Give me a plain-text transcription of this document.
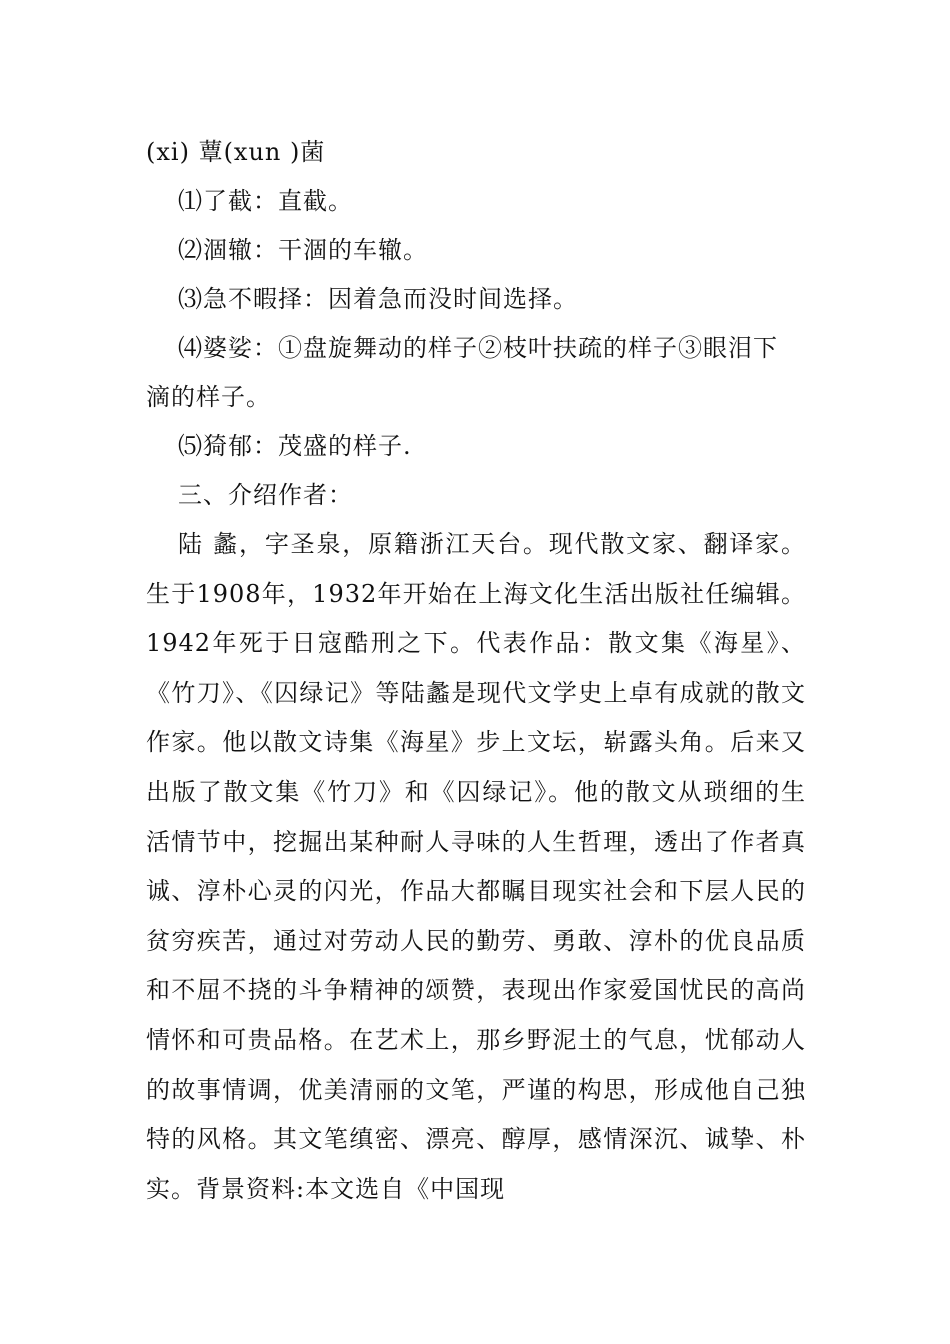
(xi) 蕈(xun )菌
⑴了截：直截。
⑵涸辙：干涸的车辙。
⑶急不暇择：因着急而没时间选择。
⑷婆娑：①盘旋舞动的样子②枝叶扶疏的样子③眼泪下
滴的样子。
⑸猗郁：茂盛的样子.
三、介绍作者：

陆 蠡，字圣泉，原籍浙江天台。现代散文家、翻译家。生于1908年，1932年开始在上海文化生活出版社任编辑。1942年死于日寇酷刑之下。代表作品：散文集《海星》、《竹刀》、《囚绿记》等陆蠡是现代文学史上卓有成就的散文作家。他以散文诗集《海星》步上文坛，崭露头角。后来又出版了散文集《竹刀》和《囚绿记》。他的散文从琐细的生活情节中，挖掘出某种耐人寻味的人生哲理，透出了作者真诚、淳朴心灵的闪光，作品大都瞩目现实社会和下层人民的贫穷疾苦，通过对劳动人民的勤劳、勇敢、淳朴的优良品质和不屈不挠的斗争精神的颂赞，表现出作家爱国忧民的高尚情怀和可贵品格。在艺术上，那乡野泥土的气息，忧郁动人的故事情调，优美清丽的文笔，严谨的构思，形成他自己独特的风格。其文笔缜密、漂亮、醇厚，感情深沉、诚挚、朴实。背景资料:本文选自《中国现
